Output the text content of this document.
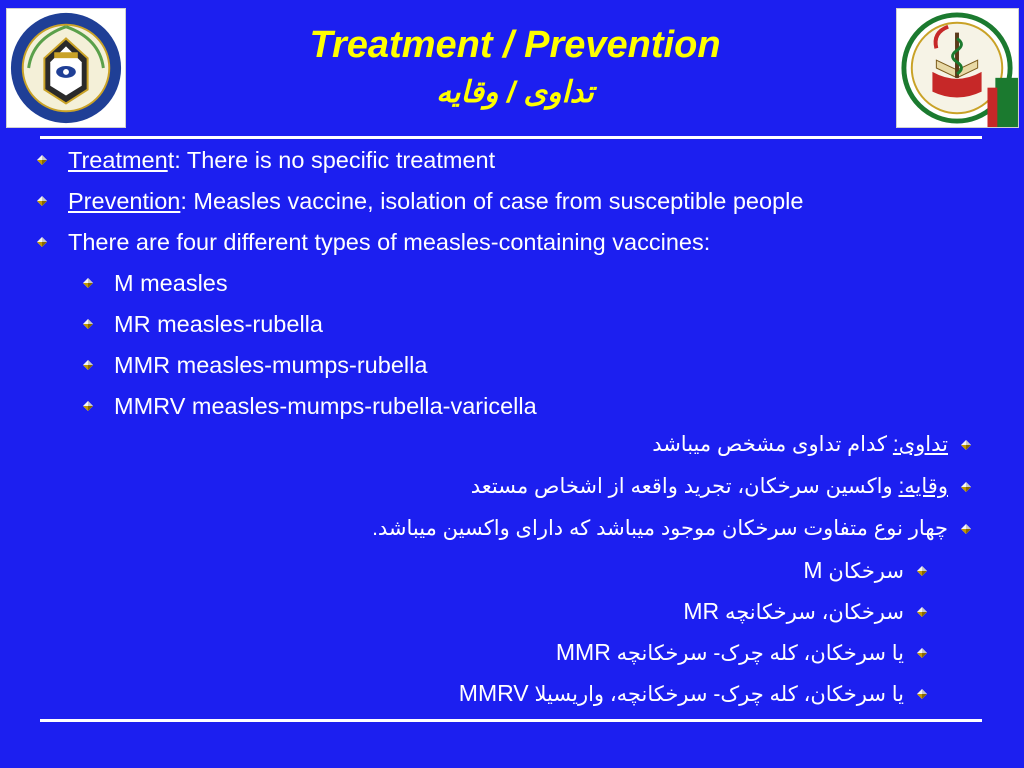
Treatment / Prevention
تداوی / وقایه
Treatment: There is no specific treatment
Prevention: Measles vaccine, isolation of case from susceptible people
There are four different types of measles-containing vaccines:
M measles
MR measles-rubella
MMR measles-mumps-rubella
MMRV measles-mumps-rubella-varicella
تداوی: کدام تداوی مشخص میباشد
وقایه: واکسین سرخکان، تجرید واقعه از اشخاص مستعد
چهار نوع متفاوت سرخکان موجود میباشد که دارای واکسین میباشد.
سرخکان M
سرخکان، سرخکانچه MR
MMR یا سرخکان، کله چرک- سرخکانچه
MMRV یا سرخکان، کله چرک- سرخکانچه، واریسیلا
